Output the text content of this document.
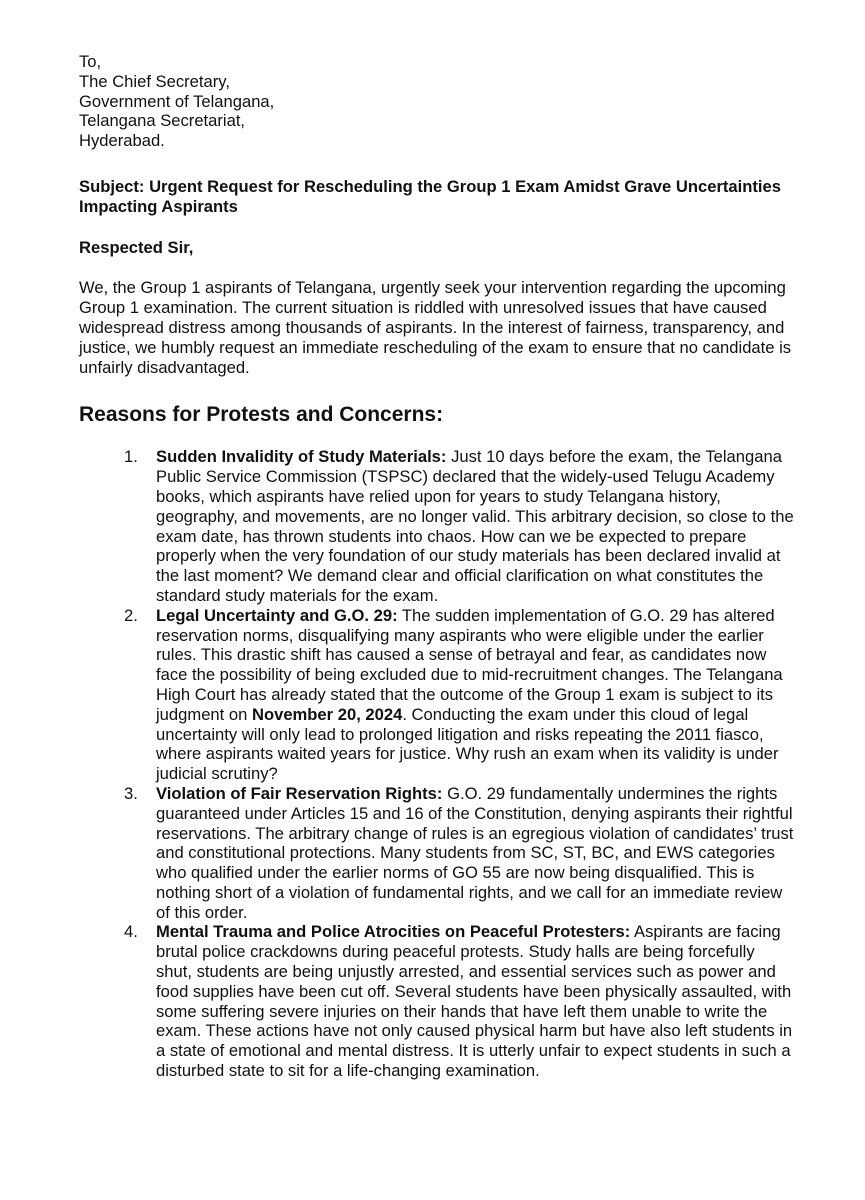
To,
The Chief Secretary,
Government of Telangana,
Telangana Secretariat,
Hyderabad.

Subject: Urgent Request for Rescheduling the Group 1 Exam Amidst Grave Uncertainties Impacting Aspirants

Respected Sir,

We, the Group 1 aspirants of Telangana, urgently seek your intervention regarding the upcoming Group 1 examination. The current situation is riddled with unresolved issues that have caused widespread distress among thousands of aspirants. In the interest of fairness, transparency, and justice, we humbly request an immediate rescheduling of the exam to ensure that no candidate is unfairly disadvantaged.

Reasons for Protests and Concerns:
1. Sudden Invalidity of Study Materials: Just 10 days before the exam, the Telangana Public Service Commission (TSPSC) declared that the widely-used Telugu Academy books, which aspirants have relied upon for years to study Telangana history, geography, and movements, are no longer valid. This arbitrary decision, so close to the exam date, has thrown students into chaos. How can we be expected to prepare properly when the very foundation of our study materials has been declared invalid at the last moment? We demand clear and official clarification on what constitutes the standard study materials for the exam.
2. Legal Uncertainty and G.O. 29: The sudden implementation of G.O. 29 has altered reservation norms, disqualifying many aspirants who were eligible under the earlier rules. This drastic shift has caused a sense of betrayal and fear, as candidates now face the possibility of being excluded due to mid-recruitment changes. The Telangana High Court has already stated that the outcome of the Group 1 exam is subject to its judgment on November 20, 2024. Conducting the exam under this cloud of legal uncertainty will only lead to prolonged litigation and risks repeating the 2011 fiasco, where aspirants waited years for justice. Why rush an exam when its validity is under judicial scrutiny?
3. Violation of Fair Reservation Rights: G.O. 29 fundamentally undermines the rights guaranteed under Articles 15 and 16 of the Constitution, denying aspirants their rightful reservations. The arbitrary change of rules is an egregious violation of candidates’ trust and constitutional protections. Many students from SC, ST, BC, and EWS categories who qualified under the earlier norms of GO 55 are now being disqualified. This is nothing short of a violation of fundamental rights, and we call for an immediate review of this order.
4. Mental Trauma and Police Atrocities on Peaceful Protesters: Aspirants are facing brutal police crackdowns during peaceful protests. Study halls are being forcefully shut, students are being unjustly arrested, and essential services such as power and food supplies have been cut off. Several students have been physically assaulted, with some suffering severe injuries on their hands that have left them unable to write the exam. These actions have not only caused physical harm but have also left students in a state of emotional and mental distress. It is utterly unfair to expect students in such a disturbed state to sit for a life-changing examination.
